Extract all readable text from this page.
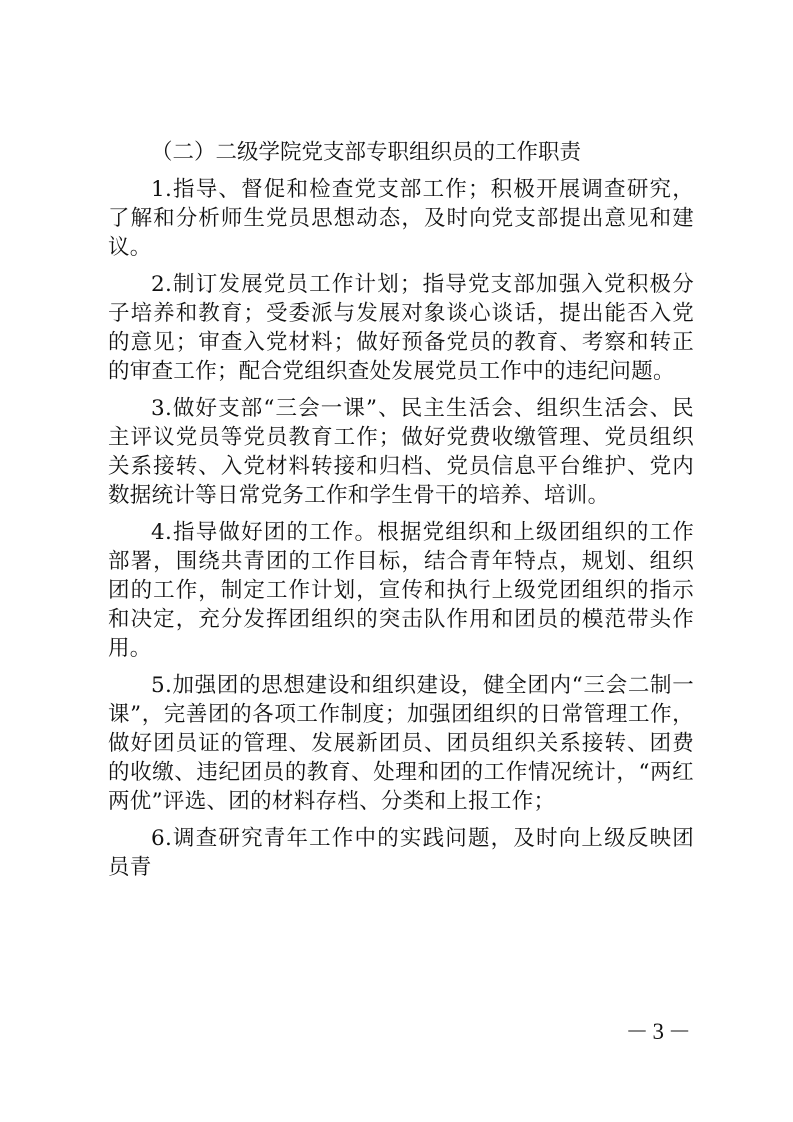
（二）二级学院党支部专职组织员的工作职责

1.指导、督促和检查党支部工作；积极开展调查研究，了解和分析师生党员思想动态，及时向党支部提出意见和建议。

2.制订发展党员工作计划；指导党支部加强入党积极分子培养和教育；受委派与发展对象谈心谈话，提出能否入党的意见；审查入党材料；做好预备党员的教育、考察和转正的审查工作；配合党组织查处发展党员工作中的违纪问题。

3.做好支部“三会一课”、民主生活会、组织生活会、民主评议党员等党员教育工作；做好党费收缴管理、党员组织关系接转、入党材料转接和归档、党员信息平台维护、党内数据统计等日常党务工作和学生骨干的培养、培训。

4.指导做好团的工作。根据党组织和上级团组织的工作部署，围绕共青团的工作目标，结合青年特点，规划、组织团的工作，制定工作计划，宣传和执行上级党团组织的指示和决定，充分发挥团组织的突击队作用和团员的模范带头作用。

5.加强团的思想建设和组织建设，健全团内“三会二制一课”，完善团的各项工作制度；加强团组织的日常管理工作，做好团员证的管理、发展新团员、团员组织关系接转、团费的收缴、违纪团员的教育、处理和团的工作情况统计，“两红两优”评选、团的材料存档、分类和上报工作；

6.调查研究青年工作中的实践问题，及时向上级反映团员青

－3－
